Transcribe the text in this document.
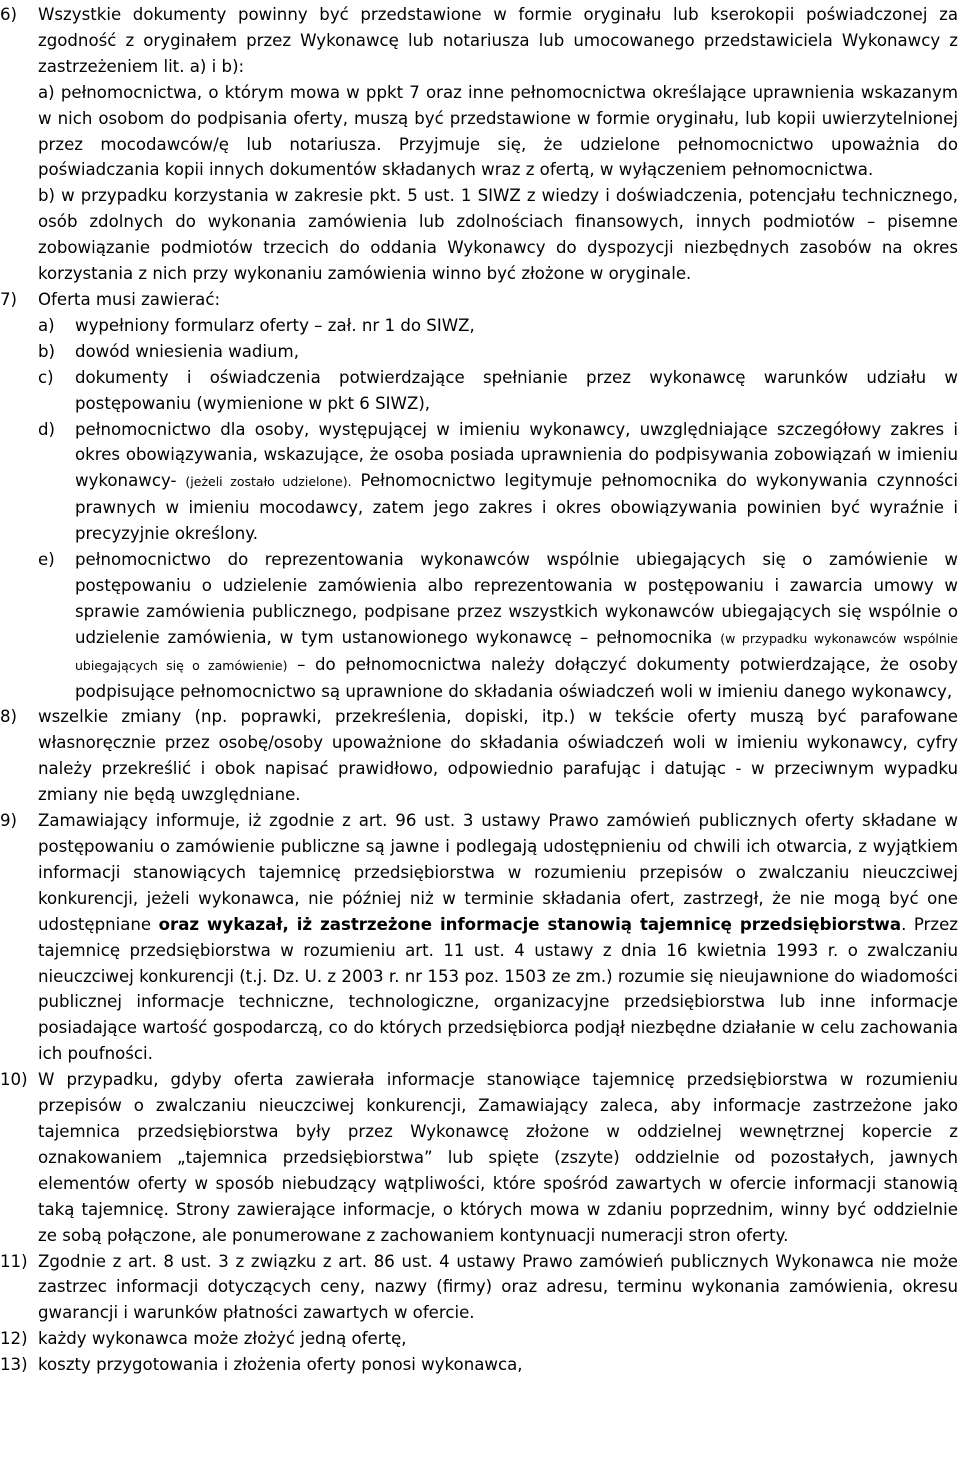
6)	Wszystkie dokumenty powinny być przedstawione w formie oryginału lub kserokopii poświadczonej za zgodność z oryginałem przez Wykonawcę lub notariusza lub umocowanego przedstawiciela Wykonawcy z zastrzeżeniem lit. a) i b):
a) pełnomocnictwa, o którym mowa w ppkt 7 oraz inne pełnomocnictwa określające uprawnienia wskazanym w nich osobom do podpisania oferty, muszą być przedstawione w formie oryginału, lub kopii uwierzytelnionej przez mocodawców/ę lub notariusza. Przyjmuje się, że udzielone pełnomocnictwo upoważnia do poświadczania kopii innych dokumentów składanych wraz z ofertą, w wyłączeniem pełnomocnictwa.
b) w przypadku korzystania w zakresie pkt. 5 ust. 1 SIWZ z wiedzy i doświadczenia, potencjału technicznego, osób zdolnych do wykonania zamówienia lub zdolnościach finansowych, innych podmiotów – pisemne zobowiązanie podmiotów trzecich do oddania Wykonawcy do dyspozycji niezbędnych zasobów na okres korzystania z nich przy wykonaniu zamówienia winno być złożone w oryginale.
7)	Oferta musi zawierać:
a)	wypełniony formularz oferty – zał. nr 1 do SIWZ,
b)	dowód wniesienia wadium,
c)	dokumenty i oświadczenia potwierdzające spełnianie przez wykonawcę warunków udziału w postępowaniu (wymienione w pkt 6 SIWZ),
d)	pełnomocnictwo dla osoby, występującej w imieniu wykonawcy, uwzględniające szczegółowy zakres i okres obowiązywania, wskazujące, że osoba posiada uprawnienia do podpisywania zobowiązań w imieniu wykonawcy- (jeżeli zostało udzielone). Pełnomocnictwo legitymuje pełnomocnika do wykonywania czynności prawnych w imieniu mocodawcy, zatem jego zakres i okres obowiązywania powinien być wyraźnie i precyzyjnie określony.
e)	pełnomocnictwo do reprezentowania wykonawców wspólnie ubiegających się o zamówienie w postępowaniu o udzielenie zamówienia albo reprezentowania w postępowaniu i zawarcia umowy w sprawie zamówienia publicznego, podpisane przez wszystkich wykonawców ubiegających się wspólnie o udzielenie zamówienia, w tym ustanowionego wykonawcę – pełnomocnika (w przypadku wykonawców wspólnie ubiegających się o zamówienie) – do pełnomocnictwa należy dołączyć dokumenty potwierdzające, że osoby podpisujące pełnomocnictwo są uprawnione do składania oświadczeń woli w imieniu danego wykonawcy,
8)	wszelkie zmiany (np. poprawki, przekreślenia, dopiski, itp.) w tekście oferty muszą być parafowane własnoręcznie przez osobę/osoby upoważnione do składania oświadczeń woli w imieniu wykonawcy, cyfry należy przekreślić i obok napisać prawidłowo, odpowiednio parafując i datując - w przeciwnym wypadku zmiany nie będą uwzględniane.
9)	Zamawiający informuje, iż zgodnie z art. 96 ust. 3 ustawy Prawo zamówień publicznych oferty składane w postępowaniu o zamówienie publiczne są jawne i podlegają udostępnieniu od chwili ich otwarcia, z wyjątkiem informacji stanowiących tajemnicę przedsiębiorstwa w rozumieniu przepisów o zwalczaniu nieuczciwej konkurencji, jeżeli wykonawca, nie później niż w terminie składania ofert, zastrzegł, że nie mogą być one udostępniane oraz wykazał, iż zastrzeżone informacje stanowią tajemnicę przedsiębiorstwa. Przez tajemnicę przedsiębiorstwa w rozumieniu art. 11 ust. 4 ustawy z dnia 16 kwietnia 1993 r. o zwalczaniu nieuczciwej konkurencji (t.j. Dz. U. z 2003 r. nr 153 poz. 1503 ze zm.) rozumie się nieujawnione do wiadomości publicznej informacje techniczne, technologiczne, organizacyjne przedsiębiorstwa lub inne informacje posiadające wartość gospodarczą, co do których przedsiębiorca podjął niezbędne działanie w celu zachowania ich poufności.
10) W przypadku, gdyby oferta zawierała informacje stanowiące tajemnicę przedsiębiorstwa w rozumieniu przepisów o zwalczaniu nieuczciwej konkurencji, Zamawiający zaleca, aby informacje zastrzeżone jako tajemnica przedsiębiorstwa były przez Wykonawcę złożone w oddzielnej wewnętrznej kopercie z oznakowaniem „tajemnica przedsiębiorstwa” lub spięte (zszyte) oddzielnie od pozostałych, jawnych elementów oferty w sposób niebudzący wątpliwości, które spośród zawartych w ofercie informacji stanowią taką tajemnicę. Strony zawierające informacje, o których mowa w zdaniu poprzednim, winny być oddzielnie ze sobą połączone, ale ponumerowane z zachowaniem kontynuacji numeracji stron oferty.
11) Zgodnie z art. 8 ust. 3 z związku z art. 86 ust. 4 ustawy Prawo zamówień publicznych Wykonawca nie może zastrzec informacji dotyczących ceny, nazwy (firmy) oraz adresu, terminu wykonania zamówienia, okresu gwarancji i warunków płatności zawartych w ofercie.
12) każdy wykonawca może złożyć jedną ofertę,
13) koszty przygotowania i złożenia oferty ponosi wykonawca,
